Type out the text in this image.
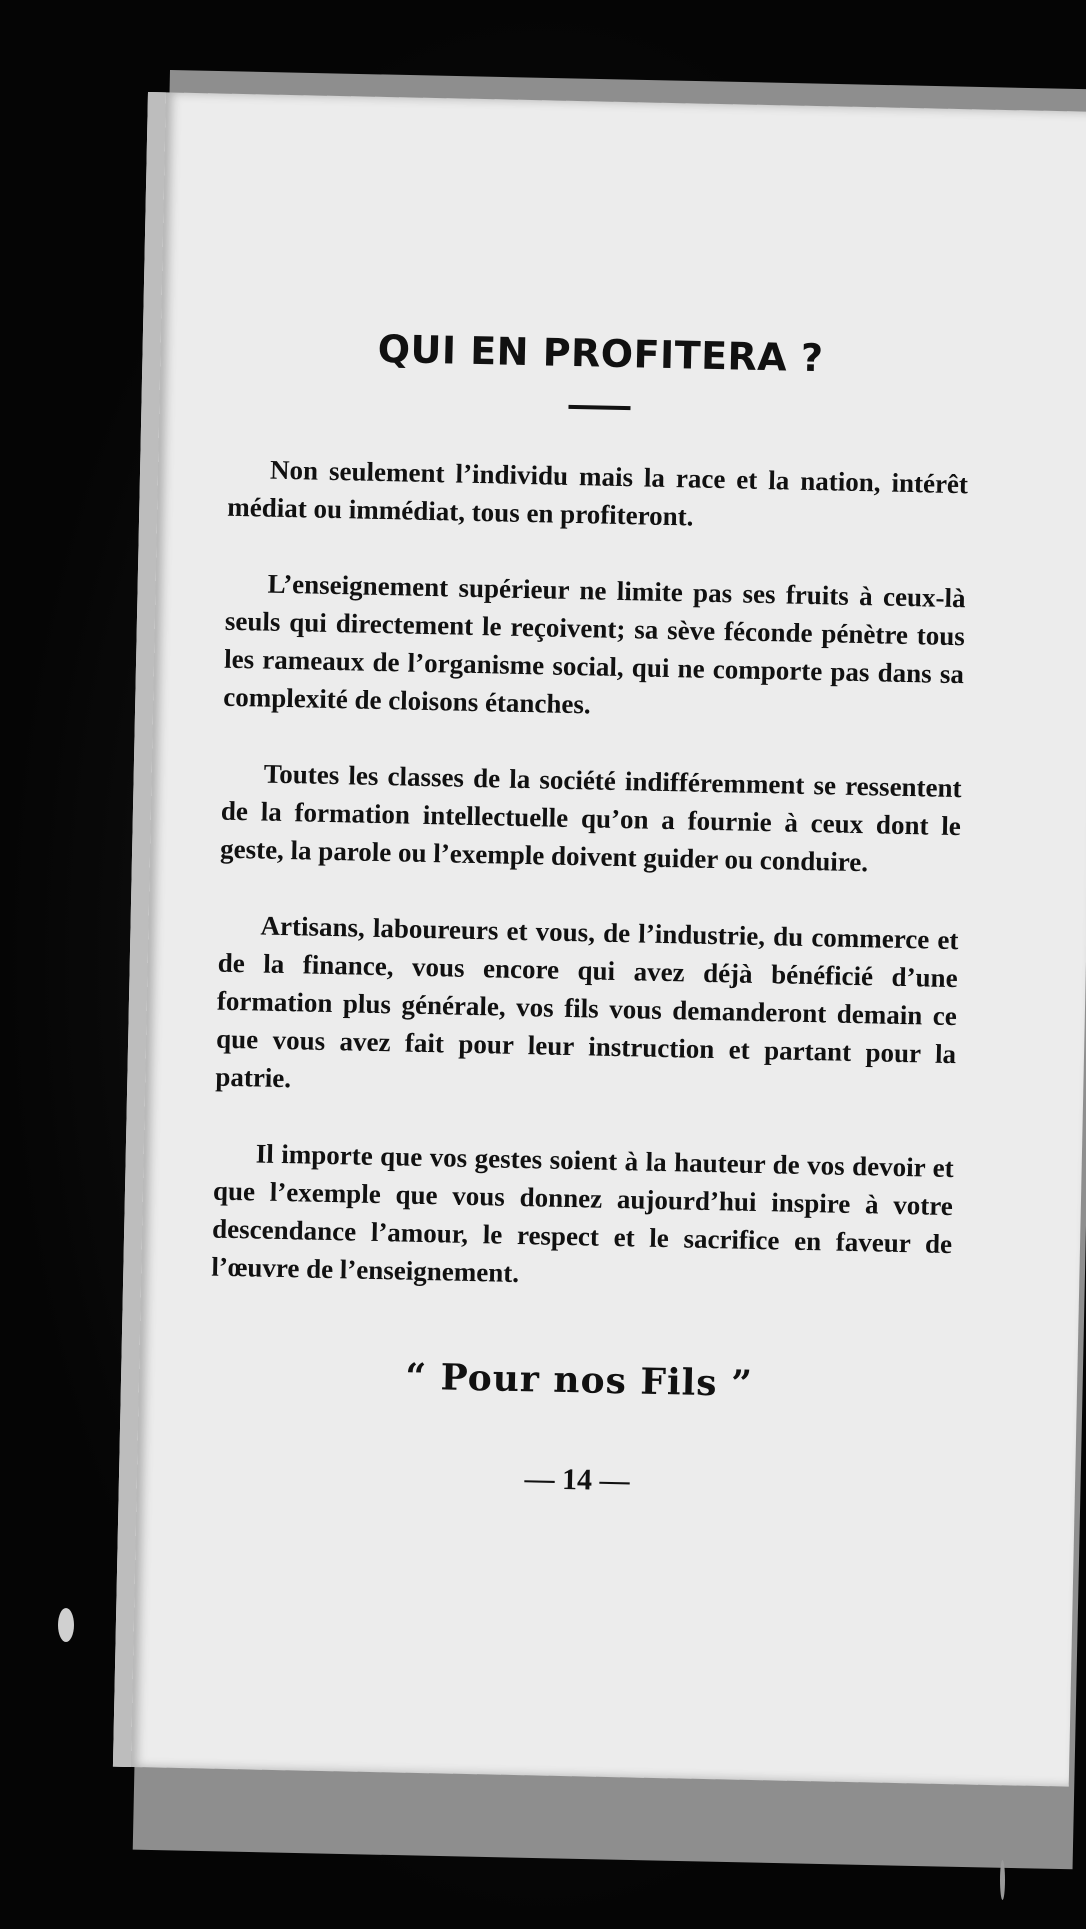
QUI EN PROFITERA ?

Non seulement l’individu mais la race et la nation, intérêt médiat ou immédiat, tous en profiteront.

L’enseignement supérieur ne limite pas ses fruits à ceux-là seuls qui directement le reçoivent; sa sève féconde pénètre tous les rameaux de l’organisme social, qui ne comporte pas dans sa complexité de cloisons étanches.

Toutes les classes de la société indifféremment se ressentent de la formation intellectuelle qu’on a fournie à ceux dont le geste, la parole ou l’exemple doivent guider ou conduire.

Artisans, laboureurs et vous, de l’industrie, du commerce et de la finance, vous encore qui avez déjà bénéficié d’une formation plus générale, vos fils vous demanderont demain ce que vous avez fait pour leur instruction et partant pour la patrie.

Il importe que vos gestes soient à la hauteur de vos devoir et que l’exemple que vous donnez aujourd’hui inspire à votre descendance l’amour, le respect et le sacrifice en faveur de l’œuvre de l’enseignement.

“ Pour nos Fils ”

— 14 —
